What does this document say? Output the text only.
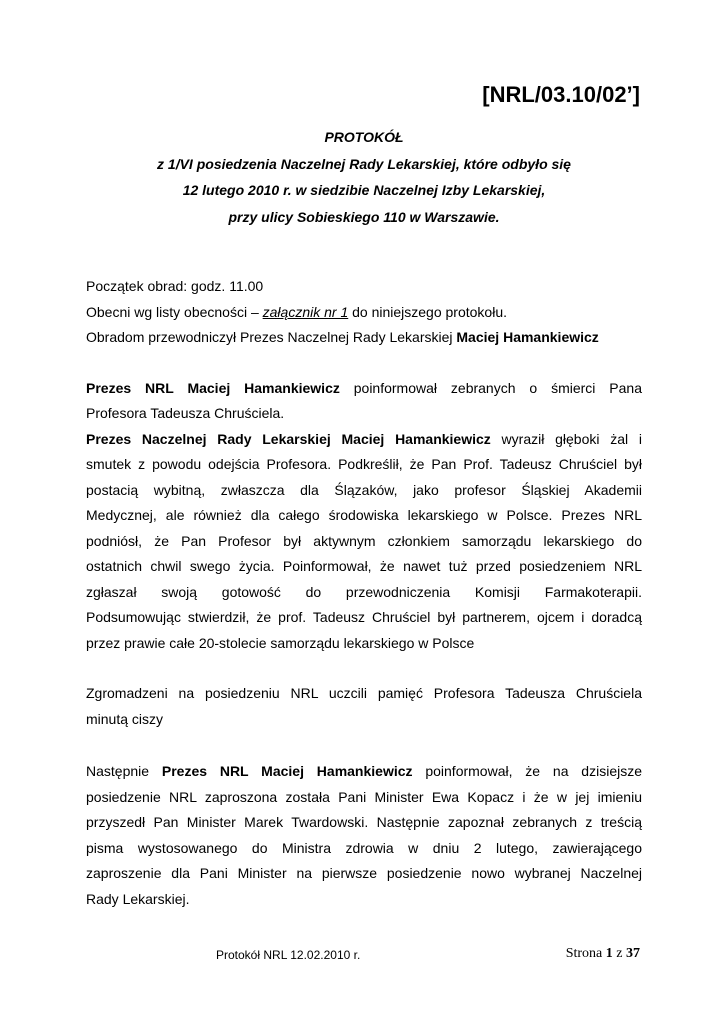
[NRL/03.10/02’]
PROTOKÓŁ
z 1/VI posiedzenia Naczelnej Rady Lekarskiej, które odbyło się
12 lutego 2010 r. w siedzibie Naczelnej Izby Lekarskiej,
przy ulicy Sobieskiego 110 w Warszawie.
Początek obrad: godz. 11.00
Obecni wg listy obecności – załącznik nr 1 do niniejszego protokołu.
Obradom przewodniczył Prezes Naczelnej Rady Lekarskiej Maciej Hamankiewicz
Prezes NRL Maciej Hamankiewicz poinformował zebranych o śmierci Pana
Profesora Tadeusza Chruściela.
Prezes Naczelnej Rady Lekarskiej Maciej Hamankiewicz wyraził głęboki żal i
smutek z powodu odejścia Profesora. Podkreślił, że Pan Prof. Tadeusz Chruściel był
postacią wybitną, zwłaszcza dla Ślązaków, jako profesor Śląskiej Akademii
Medycznej, ale również dla całego środowiska lekarskiego w Polsce. Prezes NRL
podniósł, że Pan Profesor był aktywnym członkiem samorządu lekarskiego do
ostatnich chwil swego życia. Poinformował, że nawet tuż przed posiedzeniem NRL
zgłaszał swoją gotowość do przewodniczenia Komisji Farmakoterapii.
Podsumowując stwierdził, że prof. Tadeusz Chruściel był partnerem, ojcem i doradcą
przez prawie całe 20-stolecie samorządu lekarskiego w Polsce
Zgromadzeni na posiedzeniu NRL uczcili pamięć Profesora Tadeusza Chruściela
minutą ciszy
Następnie Prezes NRL Maciej Hamankiewicz poinformował, że na dzisiejsze
posiedzenie NRL zaproszona została Pani Minister Ewa Kopacz i że w jej imieniu
przyszedł Pan Minister Marek Twardowski. Następnie zapoznał zebranych z treścią
pisma wystosowanego do Ministra zdrowia w dniu 2 lutego, zawierającego
zaproszenie dla Pani Minister na pierwsze posiedzenie nowo wybranej Naczelnej
Rady Lekarskiej.
Protokół NRL 12.02.2010 r.	Strona 1 z 37
